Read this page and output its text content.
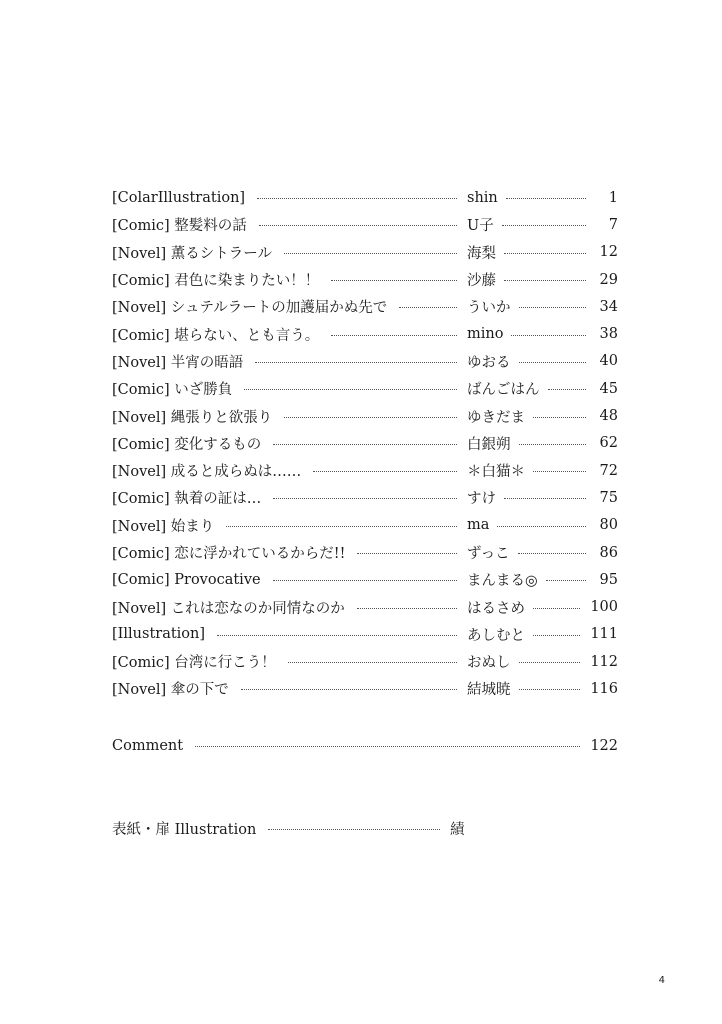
[ColarIllustration]	shin	1
[Comic] 整髪料の話	U子	7
[Novel] 薫るシトラール	海梨	12
[Comic] 君色に染まりたい！！	沙藤	29
[Novel] シュテルラートの加護届かぬ先で	ういか	34
[Comic] 堪らない、とも言う。	mino	38
[Novel] 半宵の晤語	ゆおる	40
[Comic] いざ勝負	ばんごはん	45
[Novel] 縄張りと欲張り	ゆきだま	48
[Comic] 変化するもの	白銀朔	62
[Novel] 成ると成らぬは……	＊白猫＊	72
[Comic] 執着の証は…	すけ	75
[Novel] 始まり	ma	80
[Comic] 恋に浮かれているからだ!!	ずっこ	86
[Comic] Provocative	まんまる◎	95
[Novel] これは恋なのか同情なのか	はるさめ	100
[Illustration]	あしむと	111
[Comic] 台湾に行こう！	おぬし	112
[Novel] 傘の下で	結城暁	116
Comment	122
表紙・扉 Illustration	績
4
